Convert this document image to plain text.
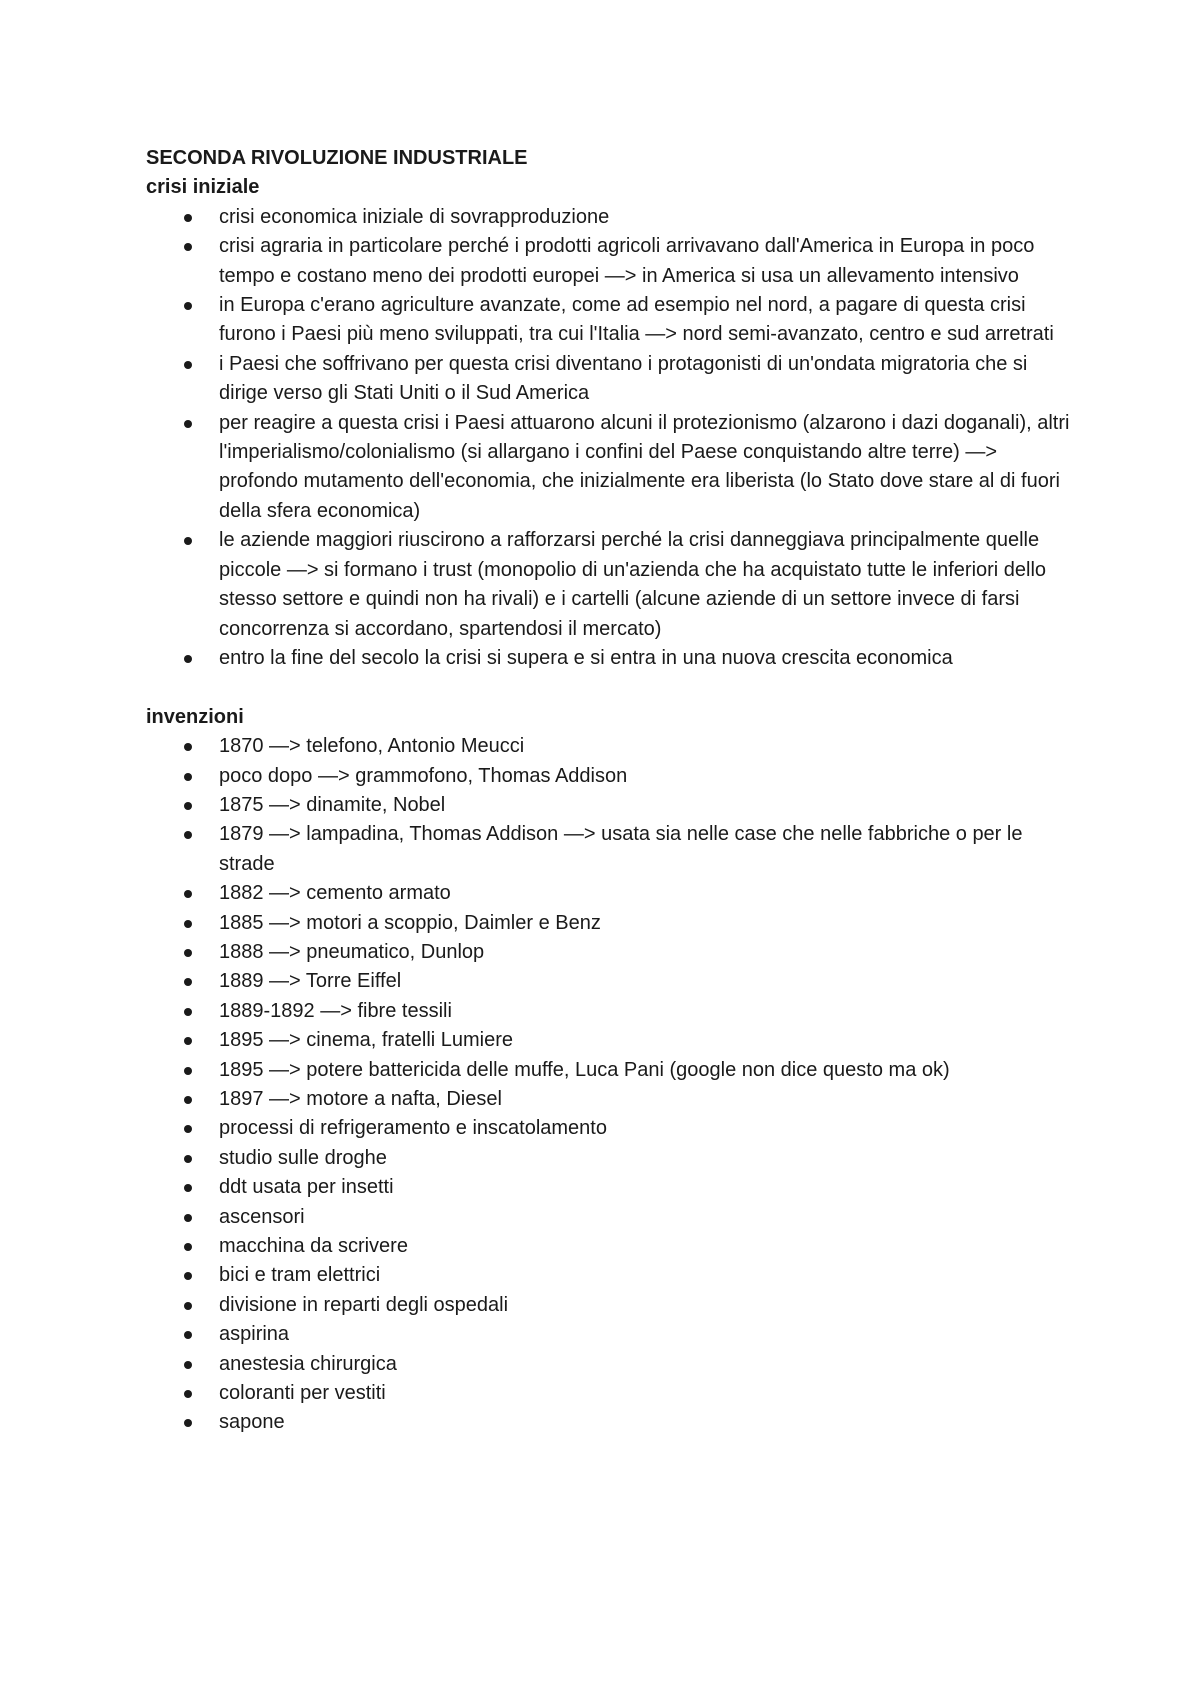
SECONDA RIVOLUZIONE INDUSTRIALE
crisi iniziale
crisi economica iniziale di sovrapproduzione
crisi agraria in particolare perché i prodotti agricoli arrivavano dall'America in Europa in poco tempo e costano meno dei prodotti europei —> in America si usa un allevamento intensivo
in Europa c'erano agriculture avanzate, come ad esempio nel nord, a pagare di questa crisi furono i Paesi più meno sviluppati, tra cui l'Italia —> nord semi-avanzato, centro e sud arretrati
i Paesi che soffrivano per questa crisi diventano i protagonisti di un'ondata migratoria che si dirige verso gli Stati Uniti o il Sud America
per reagire a questa crisi i Paesi attuarono alcuni il protezionismo (alzarono i dazi doganali), altri l'imperialismo/colonialismo (si allargano i confini del Paese conquistando altre terre) —> profondo mutamento dell'economia, che inizialmente era liberista (lo Stato dove stare al di fuori della sfera economica)
le aziende maggiori riuscirono a rafforzarsi perché la crisi danneggiava principalmente quelle piccole —> si formano i trust (monopolio di un'azienda che ha acquistato tutte le inferiori dello stesso settore e quindi non ha rivali) e i cartelli (alcune aziende di un settore invece di farsi concorrenza si accordano, spartendosi il mercato)
entro la fine del secolo la crisi si supera e si entra in una nuova crescita economica
invenzioni
1870 —> telefono, Antonio Meucci
poco dopo —> grammofono, Thomas Addison
1875 —> dinamite, Nobel
1879 —> lampadina, Thomas Addison —> usata sia nelle case che nelle fabbriche o per le strade
1882 —> cemento armato
1885 —> motori a scoppio, Daimler e Benz
1888 —> pneumatico, Dunlop
1889 —> Torre Eiffel
1889-1892 —> fibre tessili
1895 —> cinema, fratelli Lumiere
1895 —> potere battericida delle muffe, Luca Pani (google non dice questo ma ok)
1897 —> motore a nafta, Diesel
processi di refrigeramento e inscatolamento
studio sulle droghe
ddt usata per insetti
ascensori
macchina da scrivere
bici e tram elettrici
divisione in reparti degli ospedali
aspirina
anestesia chirurgica
coloranti per vestiti
sapone
